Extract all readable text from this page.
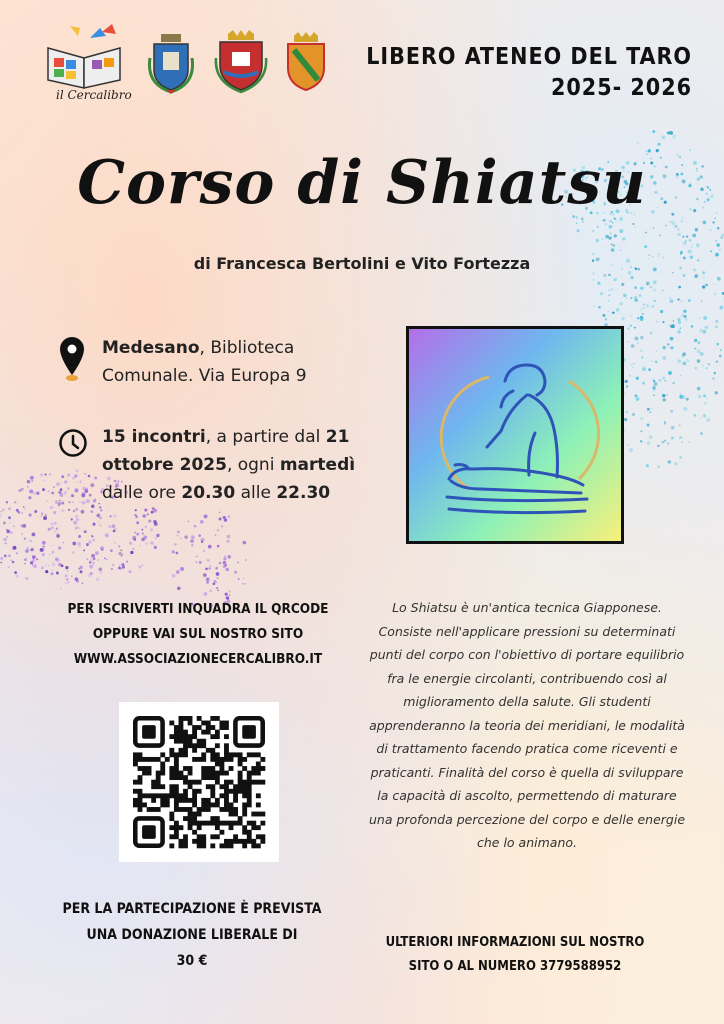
il Cercalibro
LIBERO ATENEO DEL TARO
2025- 2026
Corso di Shiatsu
di Francesca Bertolini e Vito Fortezza
Medesano, Biblioteca
Comunale. Via Europa 9
15 incontri, a partire dal 21
ottobre 2025, ogni martedì
dalle ore 20.30 alle 22.30
PER ISCRIVERTI INQUADRA IL QRCODE
OPPURE VAI SUL NOSTRO SITO
WWW.ASSOCIAZIONECERCALIBRO.IT
Lo Shiatsu è un'antica tecnica Giapponese. Consiste nell'applicare pressioni su determinati punti del corpo con l'obiettivo di portare equilibrio fra le energie circolanti, contribuendo così al miglioramento della salute. Gli studenti apprenderanno la teoria dei meridiani, le modalità di trattamento facendo pratica come riceventi e praticanti. Finalità del corso è quella di sviluppare la capacità di ascolto, permettendo di maturare una profonda percezione del corpo e delle energie che lo animano.
PER LA PARTECIPAZIONE È PREVISTA
UNA DONAZIONE LIBERALE DI
30 €
ULTERIORI INFORMAZIONI SUL NOSTRO
SITO O AL NUMERO 3779588952
